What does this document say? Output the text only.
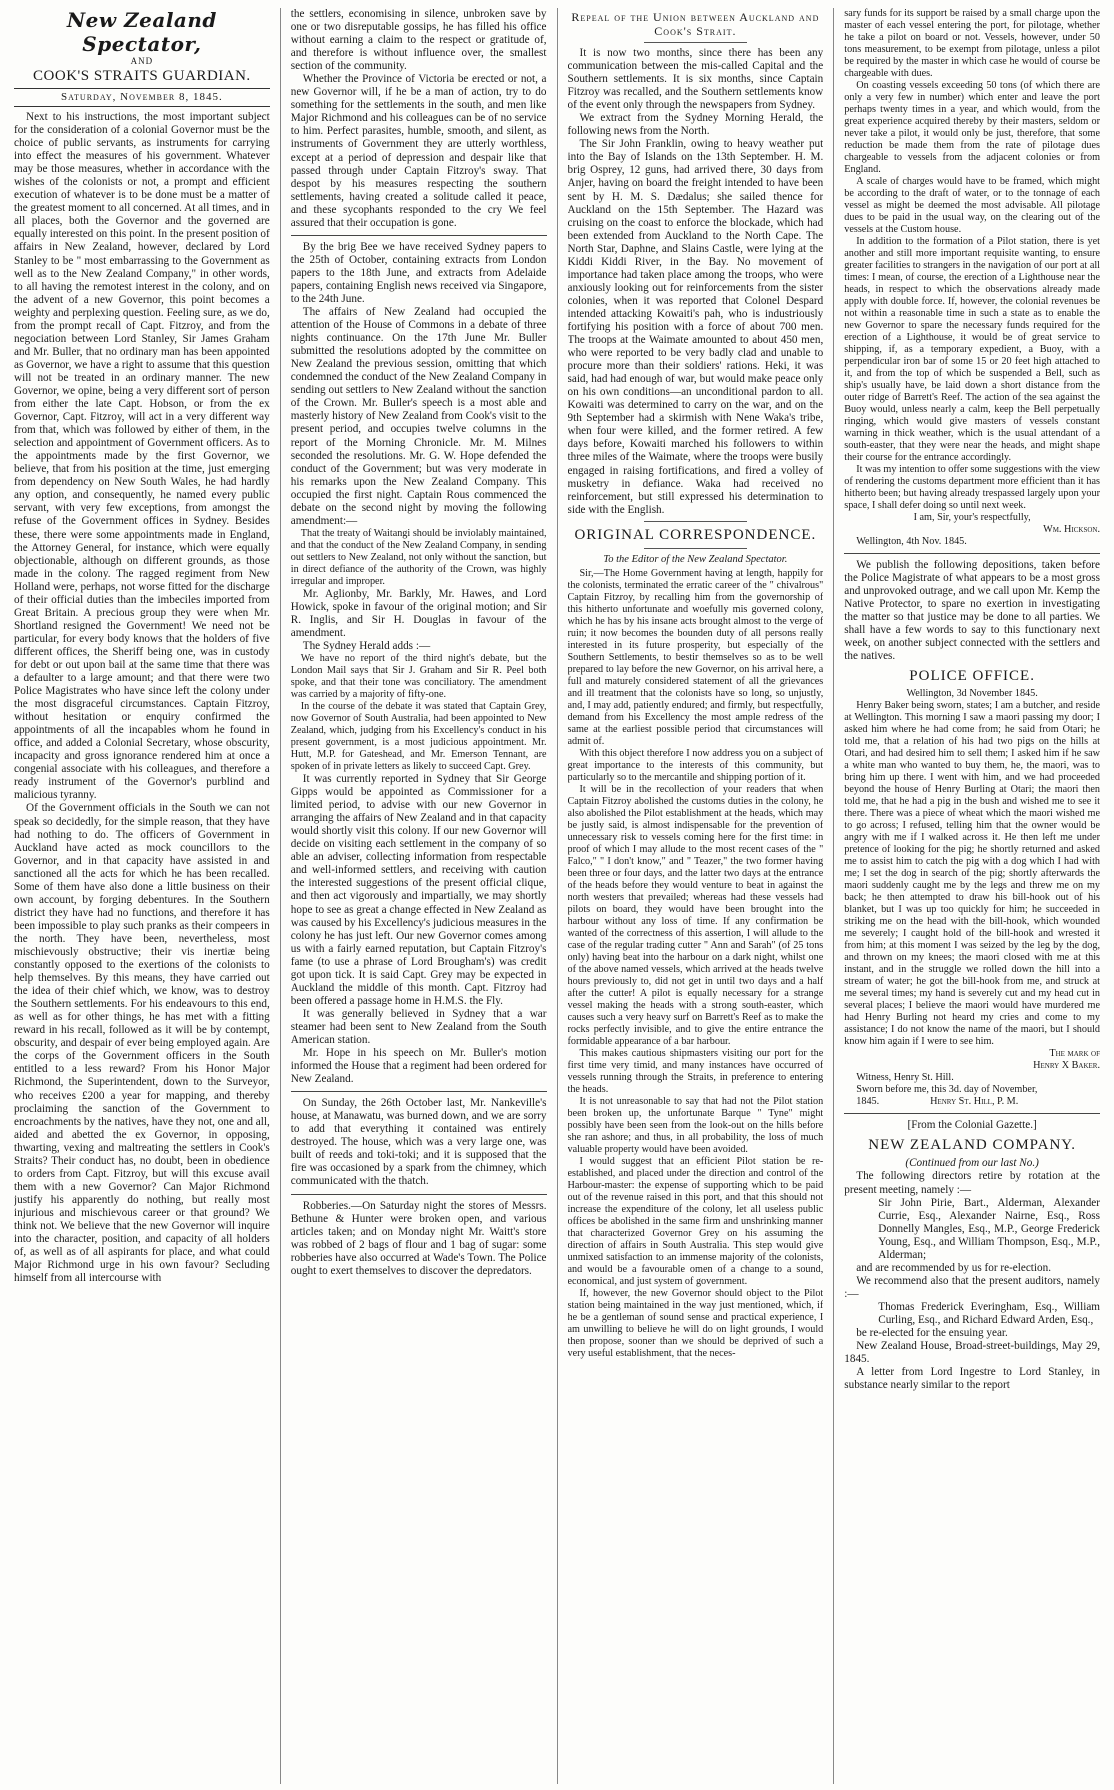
New Zealand Spectator,
AND
COOK'S STRAITS GUARDIAN.
Saturday, November 8, 1845.

Next to his instructions, the most important subject for the consideration of a colonial Governor must be the choice of public servants, as instruments for carrying into effect the measures of his government. Whatever may be those measures, whether in accordance with the wishes of the colonists or not, a prompt and efficient execution of whatever is to be done must be a matter of the greatest moment to all concerned. At all times, and in all places, both the Governor and the governed are equally interested on this point. In the present position of affairs in New Zealand, however, declared by Lord Stanley to be " most embarrassing to the Government as well as to the New Zealand Company," in other words, to all having the remotest interest in the colony, and on the advent of a new Governor, this point becomes a weighty and perplexing question. Feeling sure, as we do, from the prompt recall of Capt. Fitzroy, and from the negociation between Lord Stanley, Sir James Graham and Mr. Buller, that no ordinary man has been appointed as Governor, we have a right to assume that this question will not be treated in an ordinary manner. The new Governor, we opine, being a very different sort of person from either the late Capt. Hobson, or from the ex Governor, Capt. Fitzroy, will act in a very different way from that, which was followed by either of them, in the selection and appointment of Government officers. As to the appointments made by the first Governor, we believe, that from his position at the time, just emerging from dependency on New South Wales, he had hardly any option, and consequently, he named every public servant, with very few exceptions, from amongst the refuse of the Government offices in Sydney. Besides these, there were some appointments made in England, the Attorney General, for instance, which were equally objectionable, although on different grounds, as those made in the colony. The ragged regiment from New Holland were, perhaps, not worse fitted for the discharge of their official duties than the imbeciles imported from Great Britain. A precious group they were when Mr. Shortland resigned the Government! We need not be particular, for every body knows that the holders of five different offices, the Sheriff being one, was in custody for debt or out upon bail at the same time that there was a defaulter to a large amount; and that there were two Police Magistrates who have since left the colony under the most disgraceful circumstances. Captain Fitzroy, without hesitation or enquiry confirmed the appointments of all the incapables whom he found in office, and added a Colonial Secretary, whose obscurity, incapacity and gross ignorance rendered him at once a congenial associate with his colleagues, and therefore a ready instrument of the Governor's purblind and malicious tyranny.

Of the Government officials in the South we can not speak so decidedly, for the simple reason, that they have had nothing to do. The officers of Government in Auckland have acted as mock councillors to the Governor, and in that capacity have assisted in and sanctioned all the acts for which he has been recalled. Some of them have also done a little business on their own account, by forging debentures. In the Southern district they have had no functions, and therefore it has been impossible to play such pranks as their compeers in the north. They have been, nevertheless, most mischievously obstructive; their vis inertiæ being constantly opposed to the exertions of the colonists to help themselves. By this means, they have carried out the idea of their chief which, we know, was to destroy the Southern settlements. For his endeavours to this end, as well as for other things, he has met with a fitting reward in his recall, followed as it will be by contempt, obscurity, and despair of ever being employed again. Are the corps of the Government officers in the South entitled to a less reward? From his Honor Major Richmond, the Superintendent, down to the Surveyor, who receives £200 a year for mapping, and thereby proclaiming the sanction of the Government to encroachments by the natives, have they not, one and all, aided and abetted the ex Governor, in opposing, thwarting, vexing and maltreating the settlers in Cook's Straits? Their conduct has, no doubt, been in obedience to orders from Capt. Fitzroy, but will this excuse avail them with a new Governor? Can Major Richmond justify his apparently do nothing, but really most injurious and mischievous career or that ground? We think not. We believe that the new Governor will inquire into the character, position, and capacity of all holders of, as well as of all aspirants for place, and what could Major Richmond urge in his own favour? Secluding himself from all intercourse with

the settlers, economising in silence, unbroken save by one or two disreputable gossips, he has filled his office without earning a claim to the respect or gratitude of, and therefore is without influence over, the smallest section of the community.

Whether the Province of Victoria be erected or not, a new Governor will, if he be a man of action, try to do something for the settlements in the south, and men like Major Richmond and his colleagues can be of no service to him. Perfect parasites, humble, smooth, and silent, as instruments of Government they are utterly worthless, except at a period of depression and despair like that passed through under Captain Fitzroy's sway. That despot by his measures respecting the southern settlements, having created a solitude called it peace, and these sycophants responded to the cry We feel assured that their occupation is gone.

By the brig Bee we have received Sydney papers to the 25th of October, containing extracts from London papers to the 18th June, and extracts from Adelaide papers, containing English news received via Singapore, to the 24th June.

The affairs of New Zealand had occupied the attention of the House of Commons in a debate of three nights continuance. On the 17th June Mr. Buller submitted the resolutions adopted by the committee on New Zealand the previous session, omitting that which condemned the conduct of the New Zealand Company in sending out settlers to New Zealand without the sanction of the Crown. Mr. Buller's speech is a most able and masterly history of New Zealand from Cook's visit to the present period, and occupies twelve columns in the report of the Morning Chronicle. Mr. M. Milnes seconded the resolutions. Mr. G. W. Hope defended the conduct of the Government; but was very moderate in his remarks upon the New Zealand Company. This occupied the first night. Captain Rous commenced the debate on the second night by moving the following amendment:—

That the treaty of Waitangi should be inviolably maintained, and that the conduct of the New Zealand Company, in sending out settlers to New Zealand, not only without the sanction, but in direct defiance of the authority of the Crown, was highly irregular and improper.

Mr. Aglionby, Mr. Barkly, Mr. Hawes, and Lord Howick, spoke in favour of the original motion; and Sir R. Inglis, and Sir H. Douglas in favour of the amendment.

The Sydney Herald adds :—

We have no report of the third night's debate, but the London Mail says that Sir J. Graham and Sir R. Peel both spoke, and that their tone was conciliatory. The amendment was carried by a majority of fifty-one.

In the course of the debate it was stated that Captain Grey, now Governor of South Australia, had been appointed to New Zealand, which, judging from his Excellency's conduct in his present government, is a most judicious appointment. Mr. Hutt, M.P. for Gateshead, and Mr. Emerson Tennant, are spoken of in private letters as likely to succeed Capt. Grey.

It was currently reported in Sydney that Sir George Gipps would be appointed as Commissioner for a limited period, to advise with our new Governor in arranging the affairs of New Zealand and in that capacity would shortly visit this colony. If our new Governor will decide on visiting each settlement in the company of so able an adviser, collecting information from respectable and well-informed settlers, and receiving with caution the interested suggestions of the present official clique, and then act vigorously and impartially, we may shortly hope to see as great a change effected in New Zealand as was caused by his Excellency's judicious measures in the colony he has just left. Our new Governor comes among us with a fairly earned reputation, but Captain Fitzroy's fame (to use a phrase of Lord Brougham's) was credit got upon tick. It is said Capt. Grey may be expected in Auckland the middle of this month. Capt. Fitzroy had been offered a passage home in H.M.S. the Fly.

It was generally believed in Sydney that a war steamer had been sent to New Zealand from the South American station.

Mr. Hope in his speech on Mr. Buller's motion informed the House that a regiment had been ordered for New Zealand.

On Sunday, the 26th October last, Mr. Nankeville's house, at Manawatu, was burned down, and we are sorry to add that everything it contained was entirely destroyed. The house, which was a very large one, was built of reeds and toki-toki; and it is supposed that the fire was occasioned by a spark from the chimney, which communicated with the thatch.

Robberies.—On Saturday night the stores of Messrs. Bethune & Hunter were broken open, and various articles taken; and on Monday night Mr. Waitt's store was robbed of 2 bags of flour and 1 bag of sugar: some robberies have also occurred at Wade's Town. The Police ought to exert themselves to discover the depredators.

Repeal of the Union between Auckland and Cook's Strait.

It is now two months, since there has been any communication between the mis-called Capital and the Southern settlements. It is six months, since Captain Fitzroy was recalled, and the Southern settlements know of the event only through the newspapers from Sydney.

We extract from the Sydney Morning Herald, the following news from the North.

The Sir John Franklin, owing to heavy weather put into the Bay of Islands on the 13th September. H. M. brig Osprey, 12 guns, had arrived there, 30 days from Anjer, having on board the freight intended to have been sent by H. M. S. Dædalus; she sailed thence for Auckland on the 15th September. The Hazard was cruising on the coast to enforce the blockade, which had been extended from Auckland to the North Cape. The North Star, Daphne, and Slains Castle, were lying at the Kiddi Kiddi River, in the Bay. No movement of importance had taken place among the troops, who were anxiously looking out for reinforcements from the sister colonies, when it was reported that Colonel Despard intended attacking Kowaiti's pah, who is industriously fortifying his position with a force of about 700 men. The troops at the Waimate amounted to about 450 men, who were reported to be very badly clad and unable to procure more than their soldiers' rations. Heki, it was said, had had enough of war, but would make peace only on his own conditions—an unconditional pardon to all. Kowaiti was determined to carry on the war, and on the 9th September had a skirmish with Nene Waka's tribe, when four were killed, and the former retired. A few days before, Kowaiti marched his followers to within three miles of the Waimate, where the troops were busily engaged in raising fortifications, and fired a volley of musketry in defiance. Waka had received no reinforcement, but still expressed his determination to side with the English.

ORIGINAL CORRESPONDENCE.
To the Editor of the New Zealand Spectator.

Sir,—The Home Government having at length, happily for the colonists, terminated the erratic career of the " chivalrous" Captain Fitzroy, by recalling him from the governorship of this hitherto unfortunate and woefully mis governed colony, which he has by his insane acts brought almost to the verge of ruin; it now becomes the bounden duty of all persons really interested in its future prosperity, but especially of the Southern Settlements, to bestir themselves so as to be well prepared to lay before the new Governor, on his arrival here, a full and maturely considered statement of all the grievances and ill treatment that the colonists have so long, so unjustly, and, I may add, patiently endured; and firmly, but respectfully, demand from his Excellency the most ample redress of the same at the earliest possible period that circumstances will admit of.

With this object therefore I now address you on a subject of great importance to the interests of this community, but particularly so to the mercantile and shipping portion of it.

It will be in the recollection of your readers that when Captain Fitzroy abolished the customs duties in the colony, he also abolished the Pilot establishment at the heads, which may be justly said, is almost indispensable for the prevention of unnecessary risk to vessels coming here for the first time: in proof of which I may allude to the most recent cases of the " Falco," " I don't know," and " Teazer," the two former having been three or four days, and the latter two days at the entrance of the heads before they would venture to beat in against the north westers that prevailed; whereas had these vessels had pilots on board, they would have been brought into the harbour without any loss of time. If any confirmation be wanted of the correctness of this assertion, I will allude to the case of the regular trading cutter " Ann and Sarah" (of 25 tons only) having beat into the harbour on a dark night, whilst one of the above named vessels, which arrived at the heads twelve hours previously to, did not get in until two days and a half after the cutter! A pilot is equally necessary for a strange vessel making the heads with a strong south-easter, which causes such a very heavy surf on Barrett's Reef as to make the rocks perfectly invisible, and to give the entire entrance the formidable appearance of a bar harbour.

This makes cautious shipmasters visiting our port for the first time very timid, and many instances have occurred of vessels running through the Straits, in preference to entering the heads.

It is not unreasonable to say that had not the Pilot station been broken up, the unfortunate Barque " Tyne" might possibly have been seen from the look-out on the hills before she ran ashore; and thus, in all probability, the loss of much valuable property would have been avoided.

I would suggest that an efficient Pilot station be re-established, and placed under the direction and control of the Harbour-master: the expense of supporting which to be paid out of the revenue raised in this port, and that this should not increase the expenditure of the colony, let all useless public offices be abolished in the same firm and unshrinking manner that characterized Governor Grey on his assuming the direction of affairs in South Australia. This step would give unmixed satisfaction to an immense majority of the colonists, and would be a favourable omen of a change to a sound, economical, and just system of government.

If, however, the new Governor should object to the Pilot station being maintained in the way just mentioned, which, if he be a gentleman of sound sense and practical experience, I am unwilling to believe he will do on light grounds, I would then propose, sooner than we should be deprived of such a very useful establishment, that the neces-

sary funds for its support be raised by a small charge upon the master of each vessel entering the port, for pilotage, whether he take a pilot on board or not. Vessels, however, under 50 tons measurement, to be exempt from pilotage, unless a pilot be required by the master in which case he would of course be chargeable with dues.

On coasting vessels exceeding 50 tons (of which there are only a very few in number) which enter and leave the port perhaps twenty times in a year, and which would, from the great experience acquired thereby by their masters, seldom or never take a pilot, it would only be just, therefore, that some reduction be made them from the rate of pilotage dues chargeable to vessels from the adjacent colonies or from England.

A scale of charges would have to be framed, which might be according to the draft of water, or to the tonnage of each vessel as might be deemed the most advisable. All pilotage dues to be paid in the usual way, on the clearing out of the vessels at the Custom house.

In addition to the formation of a Pilot station, there is yet another and still more important requisite wanting, to ensure greater facilities to strangers in the navigation of our port at all times: I mean, of course, the erection of a Lighthouse near the heads, in respect to which the observations already made apply with double force. If, however, the colonial revenues be not within a reasonable time in such a state as to enable the new Governor to spare the necessary funds required for the erection of a Lighthouse, it would be of great service to shipping, if, as a temporary expedient, a Buoy, with a perpendicular iron bar of some 15 or 20 feet high attached to it, and from the top of which be suspended a Bell, such as ship's usually have, be laid down a short distance from the outer ridge of Barrett's Reef. The action of the sea against the Buoy would, unless nearly a calm, keep the Bell perpetually ringing, which would give masters of vessels constant warning in thick weather, which is the usual attendant of a south-easter, that they were near the heads, and might shape their course for the entrance accordingly.

It was my intention to offer some suggestions with the view of rendering the customs department more efficient than it has hitherto been; but having already trespassed largely upon your space, I shall defer doing so until next week.

I am, Sir, your's respectfully,

Wm. Hickson.

Wellington, 4th Nov. 1845.

We publish the following depositions, taken before the Police Magistrate of what appears to be a most gross and unprovoked outrage, and we call upon Mr. Kemp the Native Protector, to spare no exertion in investigating the matter so that justice may be done to all parties. We shall have a few words to say to this functionary next week, on another subject connected with the settlers and the natives.

POLICE OFFICE.

Wellington, 3d November 1845.

Henry Baker being sworn, states; I am a butcher, and reside at Wellington. This morning I saw a maori passing my door; I asked him where he had come from; he said from Otari; he told me, that a relation of his had two pigs on the hills at Otari, and had desired him to sell them; I asked him if he saw a white man who wanted to buy them, he, the maori, was to bring him up there. I went with him, and we had proceeded beyond the house of Henry Burling at Otari; the maori then told me, that he had a pig in the bush and wished me to see it there. There was a piece of wheat which the maori wished me to go across; I refused, telling him that the owner would be angry with me if I walked across it. He then left me under pretence of looking for the pig; he shortly returned and asked me to assist him to catch the pig with a dog which I had with me; I set the dog in search of the pig; shortly afterwards the maori suddenly caught me by the legs and threw me on my back; he then attempted to draw his bill-hook out of his blanket, but I was up too quickly for him; he succeeded in striking me on the head with the bill-hook, which wounded me severely; I caught hold of the bill-hook and wrested it from him; at this moment I was seized by the leg by the dog, and thrown on my knees; the maori closed with me at this instant, and in the struggle we rolled down the hill into a stream of water; he got the bill-hook from me, and struck at me several times; my hand is severely cut and my head cut in several places; I believe the maori would have murdered me had Henry Burling not heard my cries and come to my assistance; I do not know the name of the maori, but I should know him again if I were to see him.

The mark of

Henry X Baker.

Witness, Henry St. Hill.

Sworn before me, this 3d. day of November,

1845.	Henry St. Hill, P. M.

[From the Colonial Gazette.]

NEW ZEALAND COMPANY.

(Continued from our last No.)

The following directors retire by rotation at the present meeting, namely :—

Sir John Pirie, Bart., Alderman, Alexander Currie, Esq., Alexander Nairne, Esq., Ross Donnelly Mangles, Esq., M.P., George Frederick Young, Esq., and William Thompson, Esq., M.P., Alderman;

and are recommended by us for re-election.

We recommend also that the present auditors, namely :—

Thomas Frederick Everingham, Esq., William Curling, Esq., and Richard Edward Arden, Esq.,

be re-elected for the ensuing year.

New Zealand House, Broad-street-buildings, May 29, 1845.

A letter from Lord Ingestre to Lord Stanley, in substance nearly similar to the report
